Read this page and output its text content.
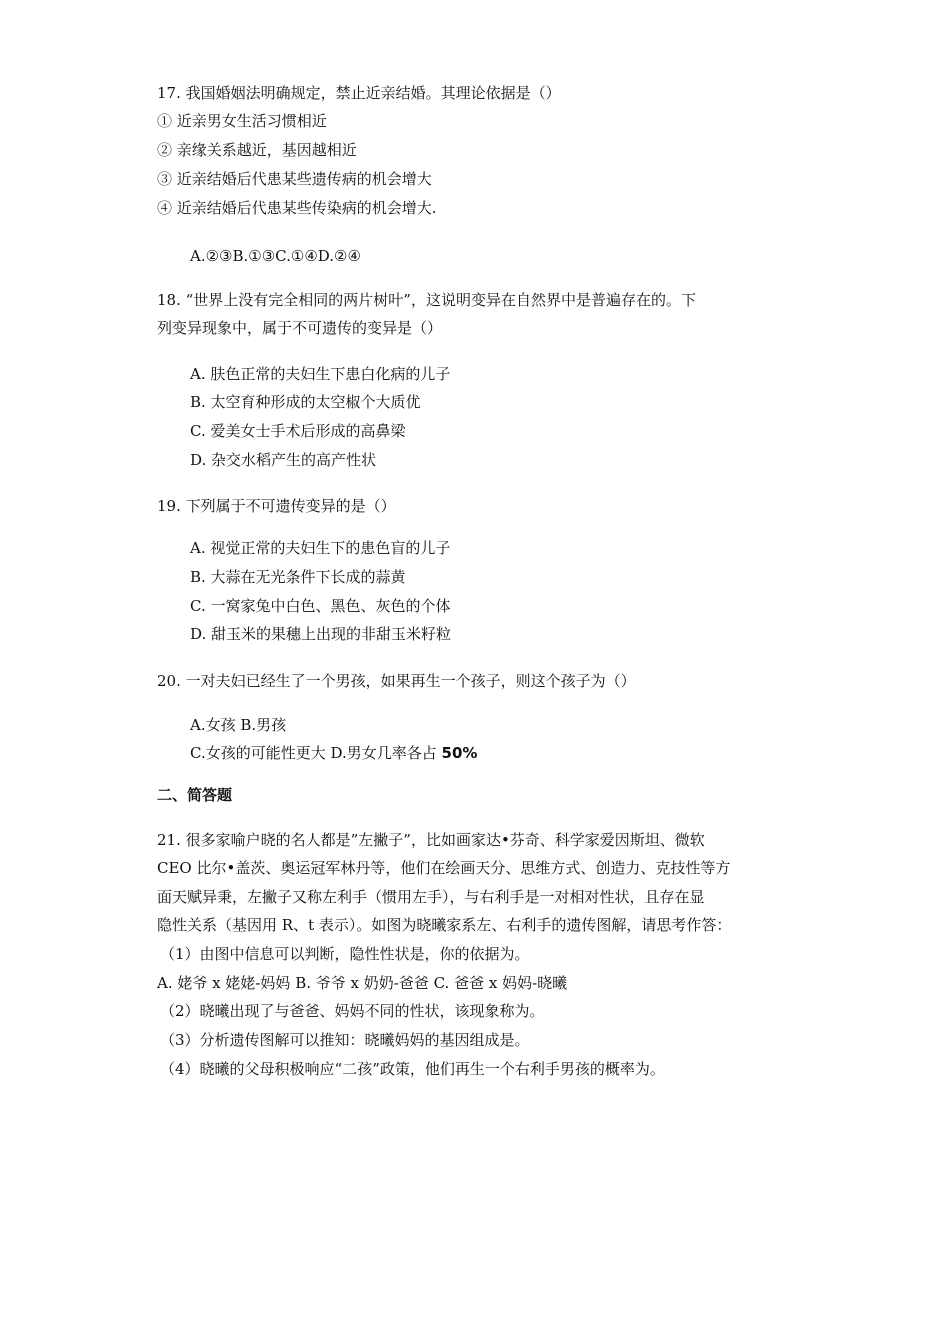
17. 我国婚姻法明确规定，禁止近亲结婚。其理论依据是（）
① 近亲男女生活习惯相近
② 亲缘关系越近，基因越相近
③ 近亲结婚后代患某些遗传病的机会增大
④ 近亲结婚后代患某些传染病的机会增大.
A.②③B.①③C.①④D.②④
18. “世界上没有完全相同的两片树叶”，这说明变异在自然界中是普遍存在的。下
列变异现象中，属于不可遗传的变异是（）
A. 肤色正常的夫妇生下患白化病的儿子
B. 太空育种形成的太空椒个大质优
C. 爱美女士手术后形成的高鼻梁
D. 杂交水稻产生的高产性状
19. 下列属于不可遗传变异的是（）
A. 视觉正常的夫妇生下的患色盲的儿子
B. 大蒜在无光条件下长成的蒜黄
C. 一窝家兔中白色、黑色、灰色的个体
D. 甜玉米的果穗上出现的非甜玉米籽粒
20. 一对夫妇已经生了一个男孩，如果再生一个孩子，则这个孩子为（）
A.女孩 B.男孩
C.女孩的可能性更大 D.男女几率各占 50%
二、简答题
21. 很多家喻户晓的名人都是”左撇子”，比如画家达•芬奇、科学家爱因斯坦、微软
CEO 比尔•盖茨、奥运冠军林丹等，他们在绘画天分、思维方式、创造力、克技性等方
面天赋异秉，左撇子又称左利手（惯用左手），与右利手是一对相对性状，且存在显
隐性关系（基因用 R、t 表示）。如图为晓曦家系左、右利手的遗传图解，请思考作答：
（1）由图中信息可以判断，隐性性状是，你的依据为。
A. 姥爷 x 姥姥-妈妈 B. 爷爷 x 奶奶-爸爸 C. 爸爸 x 妈妈-晓曦
（2）晓曦出现了与爸爸、妈妈不同的性状，该现象称为。
（3）分析遗传图解可以推知：晓曦妈妈的基因组成是。
（4）晓曦的父母积极响应“二孩”政策，他们再生一个右利手男孩的概率为。
